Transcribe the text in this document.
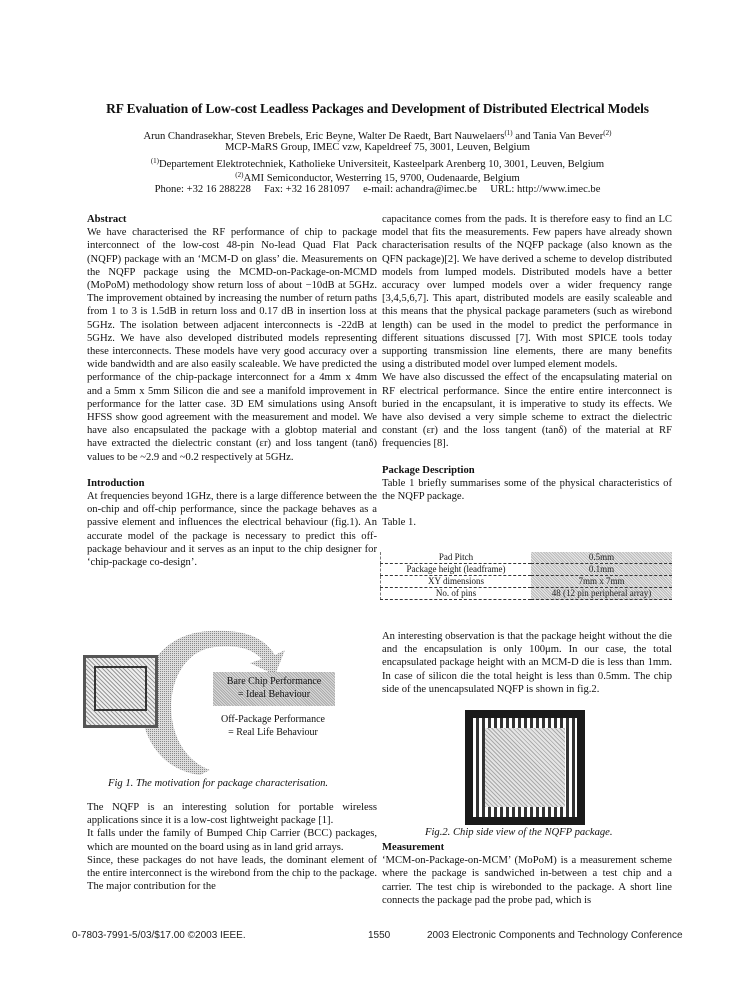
RF Evaluation of Low-cost Leadless Packages and Development of Distributed Electrical Models
Arun Chandrasekhar, Steven Brebels, Eric Beyne, Walter De Raedt, Bart Nauwelaers$^{(1)}$ and Tania Van Bever$^{(2)}$
MCP-MaRS Group, IMEC vzw, Kapeldreef 75, 3001, Leuven, Belgium
$^{(1)}$Departement Elektrotechniek, Katholieke Universiteit, Kasteelpark Arenberg 10, 3001, Leuven, Belgium
$^{(2)}$AMI Semiconductor, Westerring 15, 9700, Oudenaarde, Belgium
Phone: +32 16 288228     Fax: +32 16 281097     e-mail: achandra@imec.be     URL: http://www.imec.be

Abstract

We have characterised the RF performance of chip to package interconnect of the low-cost 48-pin No-lead Quad Flat Pack (NQFP) package with an ‘MCM-D on glass’ die. Measurements on the NQFP package using the MCMD-on-Package-on-MCMD (MoPoM) methodology show return loss of about −10dB at 5GHz. The improvement obtained by increasing the number of return paths from 1 to 3 is 1.5dB in return loss and 0.17 dB in insertion loss at 5GHz. The isolation between adjacent interconnects is -22dB at 5GHz. We have also developed distributed models representing these interconnects. These models have very good accuracy over a wide bandwidth and are also easily scaleable. We have predicted the performance of the chip-package interconnect for a 4mm x 4mm and a 5mm x 5mm Silicon die and see a manifold improvement in performance for the latter case. 3D EM simulations using Ansoft HFSS show good agreement with the measurement and model. We have also encapsulated the package with a globtop material and have extracted the dielectric constant (εr) and loss tangent (tanδ) values to be ~2.9 and ~0.2 respectively at 5GHz.

Introduction

At frequencies beyond 1GHz, there is a large difference between the on-chip and off-chip performance, since the package behaves as a passive element and influences the electrical behaviour (fig.1). An accurate model of the package is necessary to predict this off-package behaviour and it serves as an input to the chip designer for ‘chip-package co-design’.

Bare Chip Performance
= Ideal Behaviour
Off-Package Performance
= Real Life Behaviour
Fig 1. The motivation for package characterisation.

The NQFP is an interesting solution for portable wireless applications since it is a low-cost lightweight package [1].

It falls under the family of Bumped Chip Carrier (BCC) packages, which are mounted on the board using as in land grid arrays.

Since, these packages do not have leads, the dominant element of the entire interconnect is the wirebond from the chip to the package. The major contribution for the

capacitance comes from the pads. It is therefore easy to find an LC model that fits the measurements. Few papers have already shown characterisation results of the NQFP package (also known as the QFN package)[2]. We have derived a scheme to develop distributed models from lumped models. Distributed models have a better accuracy over lumped models over a wider frequency range [3,4,5,6,7]. This apart, distributed models are easily scaleable and this means that the physical package parameters (such as wirebond length) can be used in the model to predict the performance in different situations discussed [7]. With most SPICE tools today supporting transmission line elements, there are many benefits using a distributed model over lumped element models.

We have also discussed the effect of the encapsulating material on RF electrical performance. Since the entire entire interconnect is buried in the encapsulant, it is imperative to study its effects. We have also devised a very simple scheme to extract the dielectric constant (εr) and the loss tangent (tanδ) of the material at RF frequencies [8].

Package Description

Table 1 briefly summarises some of the physical characteristics of the NQFP package.

Table 1.

Pad Pitch	0.5mm
Package height (leadframe)	0.1mm
XY dimensions	7mm x 7mm
No. of pins	48 (12 pin peripheral array)
An interesting observation is that the package height without the die and the encapsulation is only 100μm. In our case, the total encapsulated package height with an MCM-D die is less than 1mm. In case of silicon die the total height is less than 0.5mm. The chip side of the unencapsulated NQFP is shown in fig.2.
Fig.2. Chip side view of the NQFP package.

Measurement

‘MCM-on-Package-on-MCM’ (MoPoM) is a measurement scheme where the package is sandwiched in-between a test chip and a carrier. The test chip is wirebonded to the package. A short line connects the package pad the probe pad, which is

0-7803-7991-5/03/$17.00 ©2003 IEEE.	1550	2003 Electronic Components and Technology Conference
